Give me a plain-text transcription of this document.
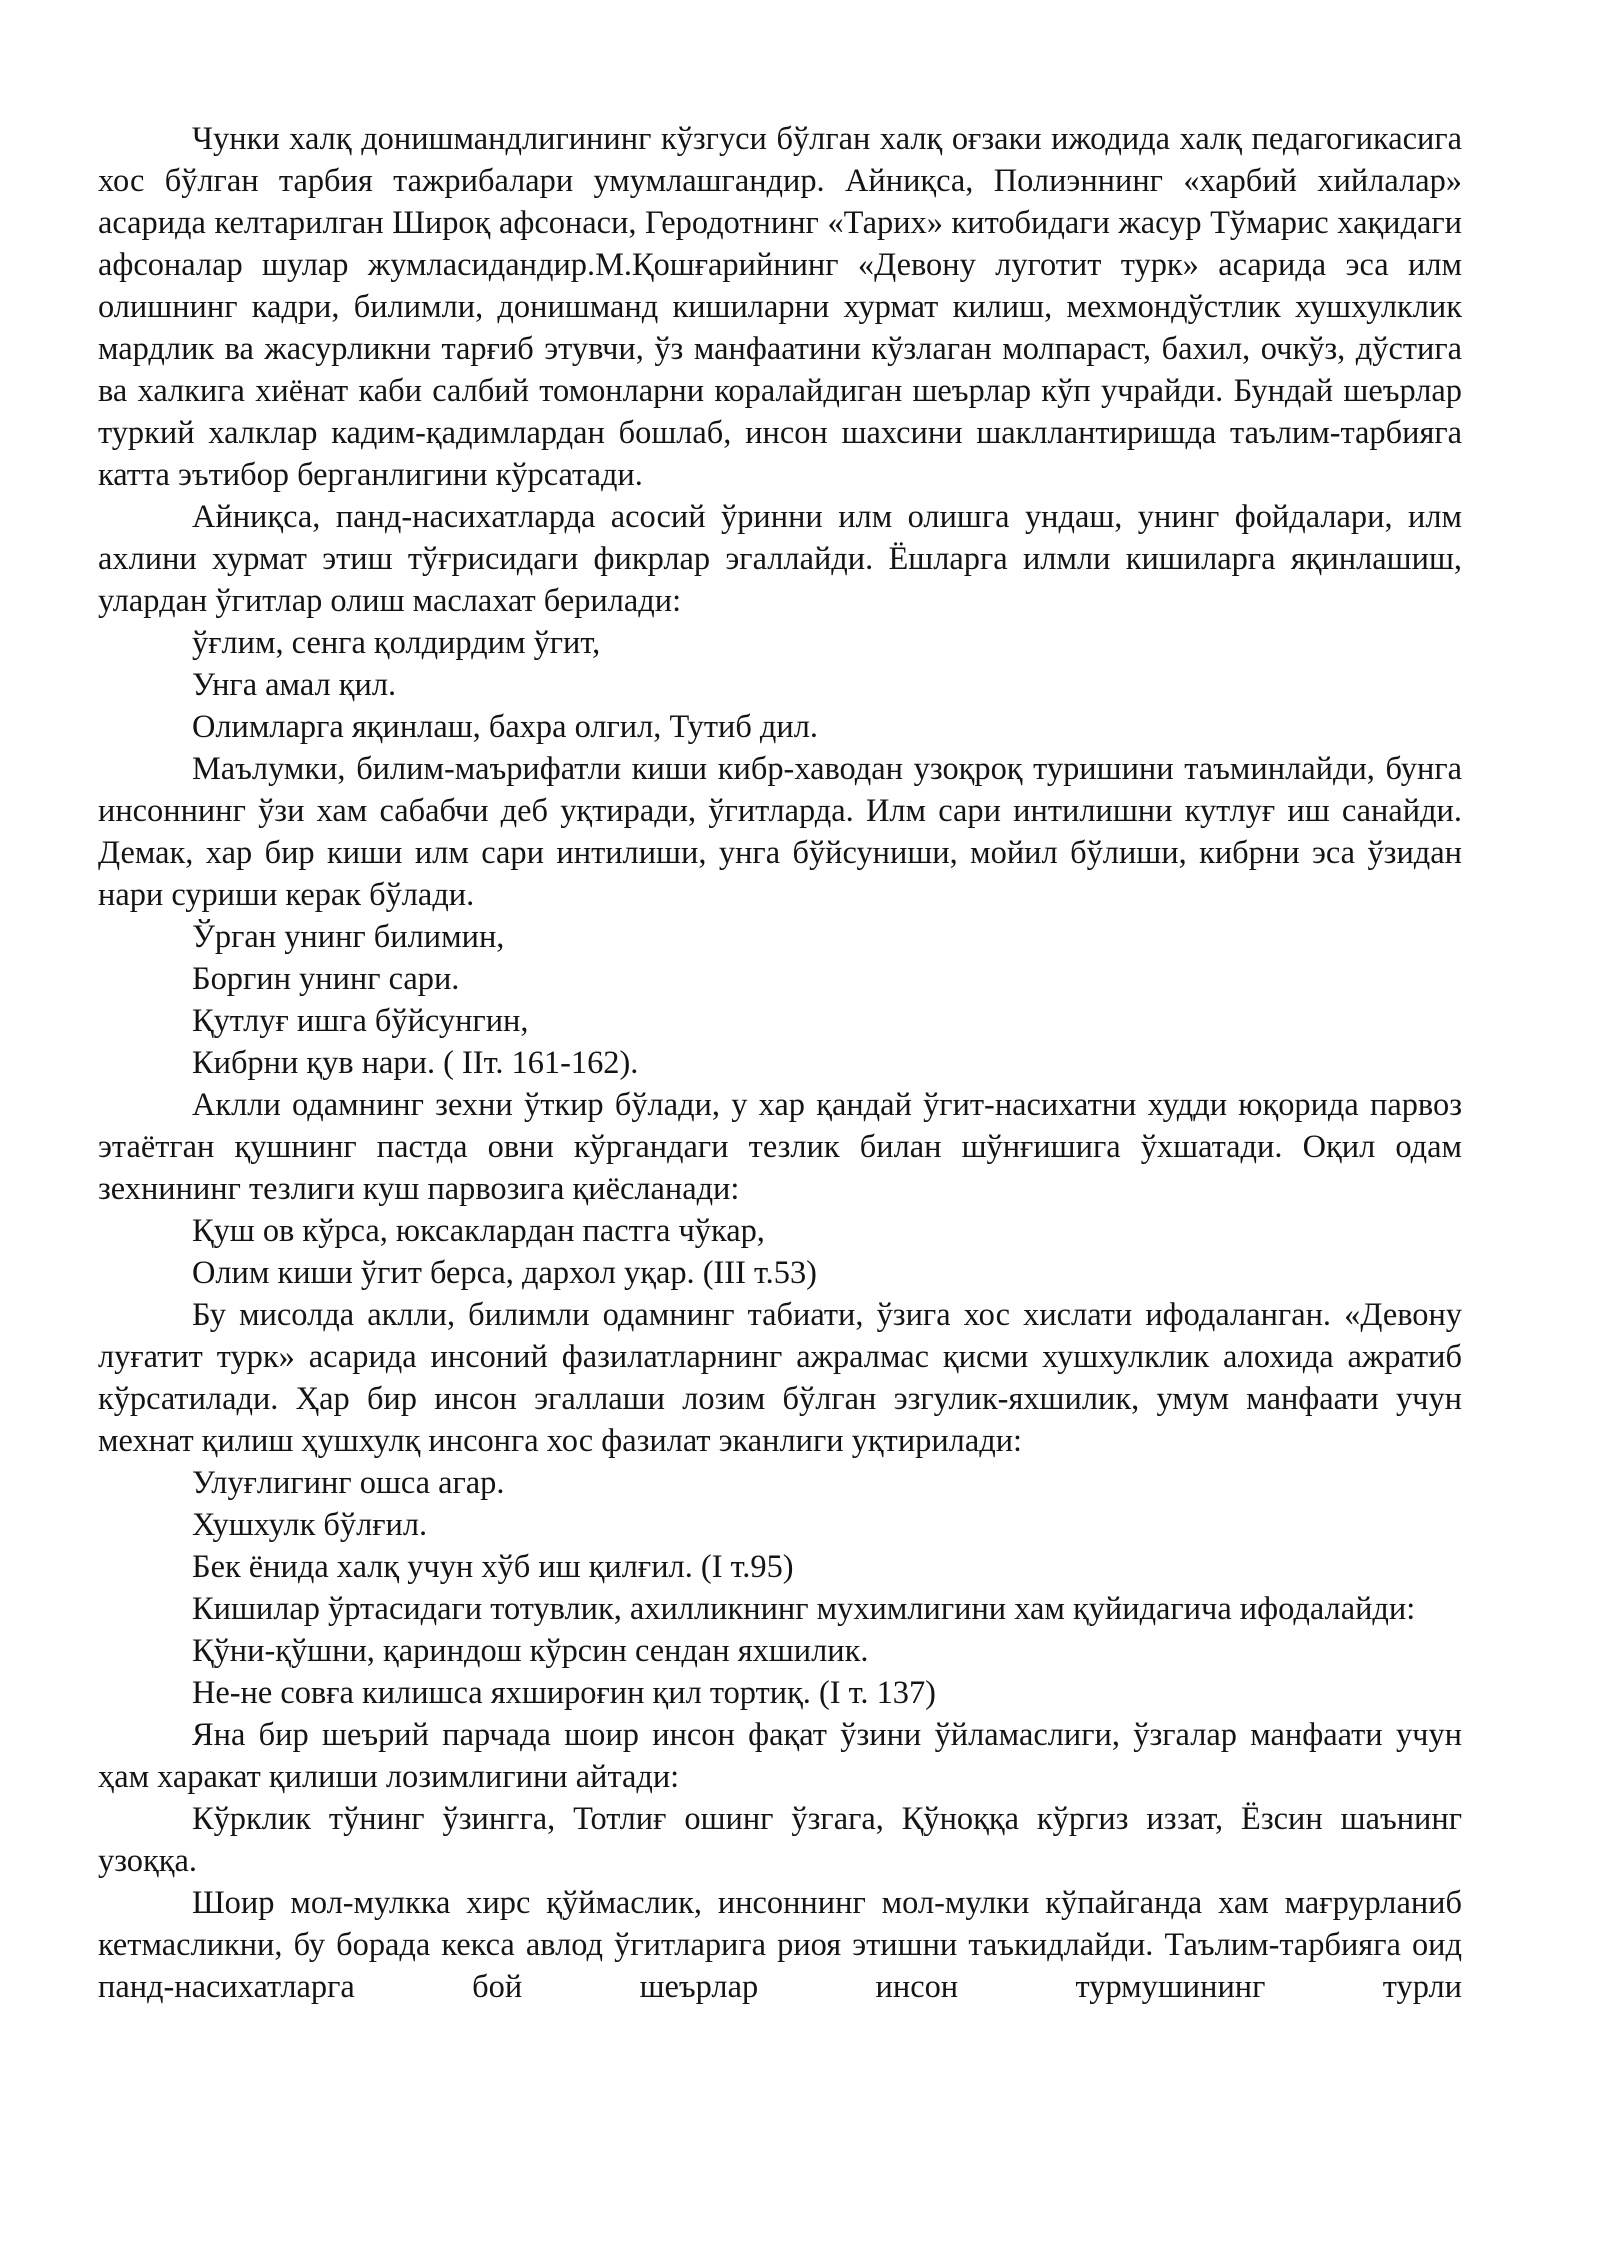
Чунки халқ донишмандлигининг кўзгуси бўлган халқ оғзаки ижодида халқ педагогикасига хос бўлган тарбия тажрибалари умумлашгандир. Айниқса, Полиэннинг «харбий хийлалар» асарида келтарилган Широқ афсонаси, Геродотнинг «Тарих» китобидаги жасур Тўмарис хақидаги афсоналар шулар жумласидандир.М.Қошғарийнинг «Девону луготит турк» асарида эса илм олишнинг кадри, билимли, донишманд кишиларни хурмат килиш, мехмондўстлик хушхулклик мардлик ва жасурликни тарғиб этувчи, ўз манфаатини кўзлаган молпараст, бахил, очкўз, дўстига ва халкига хиёнат каби салбий томонларни коралайдиган шеърлар кўп учрайди. Бундай шеърлар туркий халклар кадим-қадимлардан бошлаб, инсон шахсини шакллантиришда таълим-тарбияга катта эътибор берганлигини кўрсатади.

Айниқса, панд-насихатларда асосий ўринни илм олишга ундаш, унинг фойдалари, илм ахлини хурмат этиш тўғрисидаги фикрлар эгаллайди. Ёшларга илмли кишиларга яқинлашиш, улардан ўгитлар олиш маслахат берилади:

ўғлим, сенга қолдирдим ўгит,

Унга амал қил.

Олимларга яқинлаш, бахра олгил, Тутиб дил.

Маълумки, билим-маърифатли киши кибр-хаводан узоқроқ туришини таъминлайди, бунга инсоннинг ўзи хам сабабчи деб уқтиради, ўгитларда. Илм сари интилишни кутлуғ иш санайди. Демак, хар бир киши илм сари интилиши, унга бўйсуниши, мойил бўлиши, кибрни эса ўзидан нари суриши керак бўлади.

Ўрган унинг билимин,

Боргин унинг сари.

Қутлуғ ишга бўйсунгин,

Кибрни қув нари. ( IIт. 161-162).

Аклли одамнинг зехни ўткир бўлади, у хар қандай ўгит-насихатни худди юқорида парвоз этаётган қушнинг пастда овни кўргандаги тезлик билан шўнғишига ўхшатади. Оқил одам зехнининг тезлиги куш парвозига қиёсланади:

Қуш ов кўрса, юксаклардан пастга чўкар,

Олим киши ўгит берса, дархол уқар. (III т.53)

Бу мисолда аклли, билимли одамнинг табиати, ўзига хос хислати ифодаланган. «Девону луғатит турк» асарида инсоний фазилатларнинг ажралмас қисми хушхулклик алохида ажратиб кўрсатилади. Ҳар бир инсон эгаллаши лозим бўлган эзгулик-яхшилик, умум манфаати учун мехнат қилиш ҳушхулқ инсонга хос фазилат эканлиги уқтирилади:

Улуғлигинг ошса агар.

Хушхулк бўлғил.

Бек ёнида халқ учун хўб иш қилғил. (I т.95)

Кишилар ўртасидаги тотувлик, ахилликнинг мухимлигини хам қуйидагича ифодалайди:

Қўни-қўшни, қариндош кўрсин сендан яхшилик.

Не-не совға килишса яхшироғин қил тортиқ. (I т. 137)

Яна бир шеърий парчада шоир инсон фақат ўзини ўйламаслиги, ўзгалар манфаати учун ҳам харакат қилиши лозимлигини айтади:

Кўрклик тўнинг ўзингга, Тотлиғ ошинг ўзгага, Қўноққа кўргиз иззат, Ёзсин шаънинг узоққа.

Шоир мол-мулкка хирс қўймаслик, инсоннинг мол-мулки кўпайганда хам мағрурланиб кетмасликни, бу борада кекса авлод ўгитларига риоя этишни таъкидлайди. Таълим-тарбияга оид панд-насихатларга бой шеърлар инсон турмушининг турли
